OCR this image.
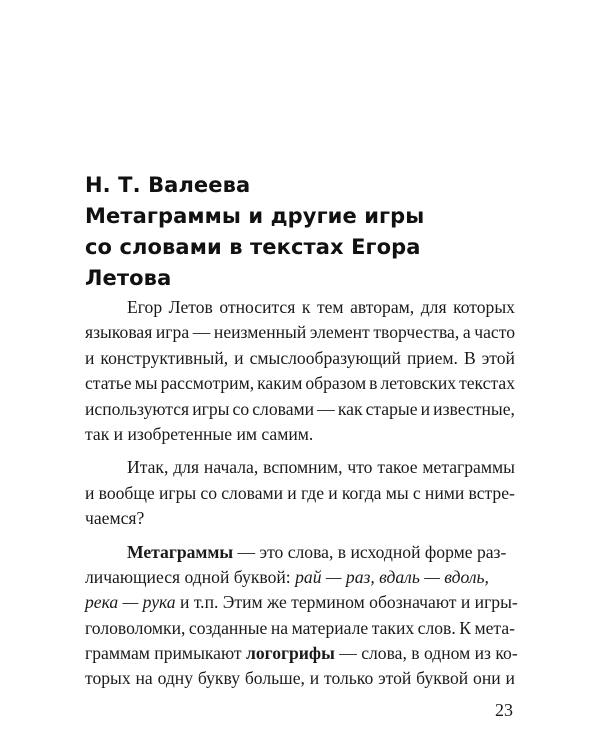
Н. Т. Валеева
Метаграммы и другие игры
со словами в текстах Егора
Летова
Егор Летов относится к тем авторам, для которых
языковая игра — неизменный элемент творчества, а часто
и конструктивный, и смыслообразующий прием. В этой
статье мы рассмотрим, каким образом в летовских текстах
используются игры со словами — как старые и известные,
так и изобретенные им самим.
Итак, для начала, вспомним, что такое метаграммы
и вообще игры со словами и где и когда мы с ними встре-
чаемся?
Метаграммы — это слова, в исходной форме раз-
личающиеся одной буквой: рай — раз, вдаль — вдоль,
река — рука и т.п. Этим же термином обозначают и игры-
головоломки, созданные на материале таких слов. К мета-
граммам примыкают логогрифы — слова, в одном из ко-
торых на одну букву больше, и только этой буквой они и
23
